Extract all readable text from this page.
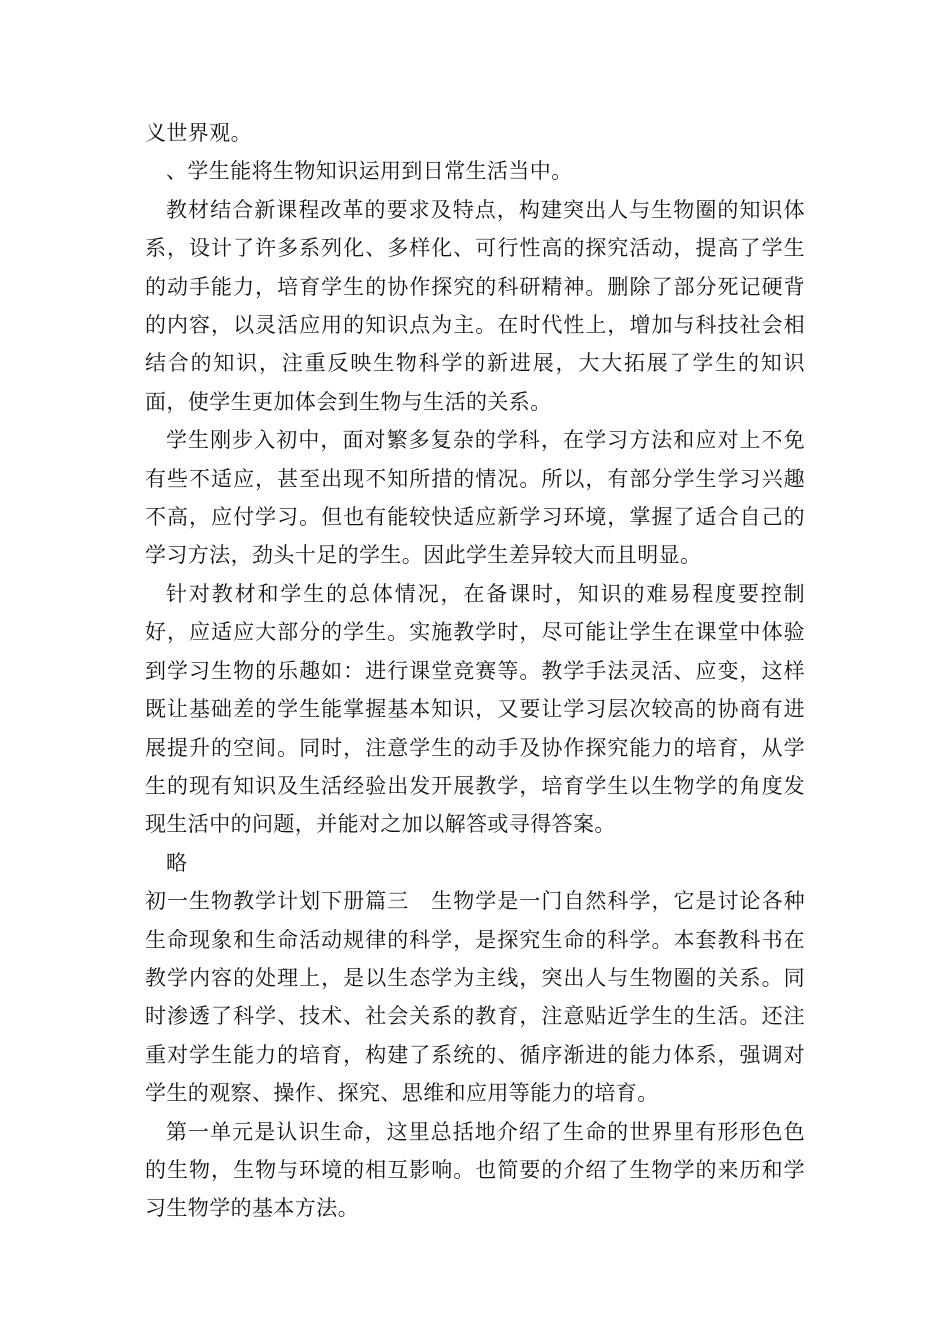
义世界观。

、学生能将生物知识运用到日常生活当中。

教材结合新课程改革的要求及特点，构建突出人与生物圈的知识体系，设计了许多系列化、多样化、可行性高的探究活动，提高了学生的动手能力，培育学生的协作探究的科研精神。删除了部分死记硬背的内容，以灵活应用的知识点为主。在时代性上，增加与科技社会相结合的知识，注重反映生物科学的新进展，大大拓展了学生的知识面，使学生更加体会到生物与生活的关系。

学生刚步入初中，面对繁多复杂的学科，在学习方法和应对上不免有些不适应，甚至出现不知所措的情况。所以，有部分学生学习兴趣不高，应付学习。但也有能较快适应新学习环境，掌握了适合自己的学习方法，劲头十足的学生。因此学生差异较大而且明显。

针对教材和学生的总体情况，在备课时，知识的难易程度要控制好，应适应大部分的学生。实施教学时，尽可能让学生在课堂中体验到学习生物的乐趣如：进行课堂竞赛等。教学手法灵活、应变，这样既让基础差的学生能掌握基本知识，又要让学习层次较高的协商有进展提升的空间。同时，注意学生的动手及协作探究能力的培育，从学生的现有知识及生活经验出发开展教学，培育学生以生物学的角度发现生活中的问题，并能对之加以解答或寻得答案。

略

初一生物教学计划下册篇三　生物学是一门自然科学，它是讨论各种生命现象和生命活动规律的科学，是探究生命的科学。本套教科书在教学内容的处理上，是以生态学为主线，突出人与生物圈的关系。同时渗透了科学、技术、社会关系的教育，注意贴近学生的生活。还注重对学生能力的培育，构建了系统的、循序渐进的能力体系，强调对学生的观察、操作、探究、思维和应用等能力的培育。

第一单元是认识生命，这里总括地介绍了生命的世界里有形形色色的生物，生物与环境的相互影响。也简要的介绍了生物学的来历和学习生物学的基本方法。
